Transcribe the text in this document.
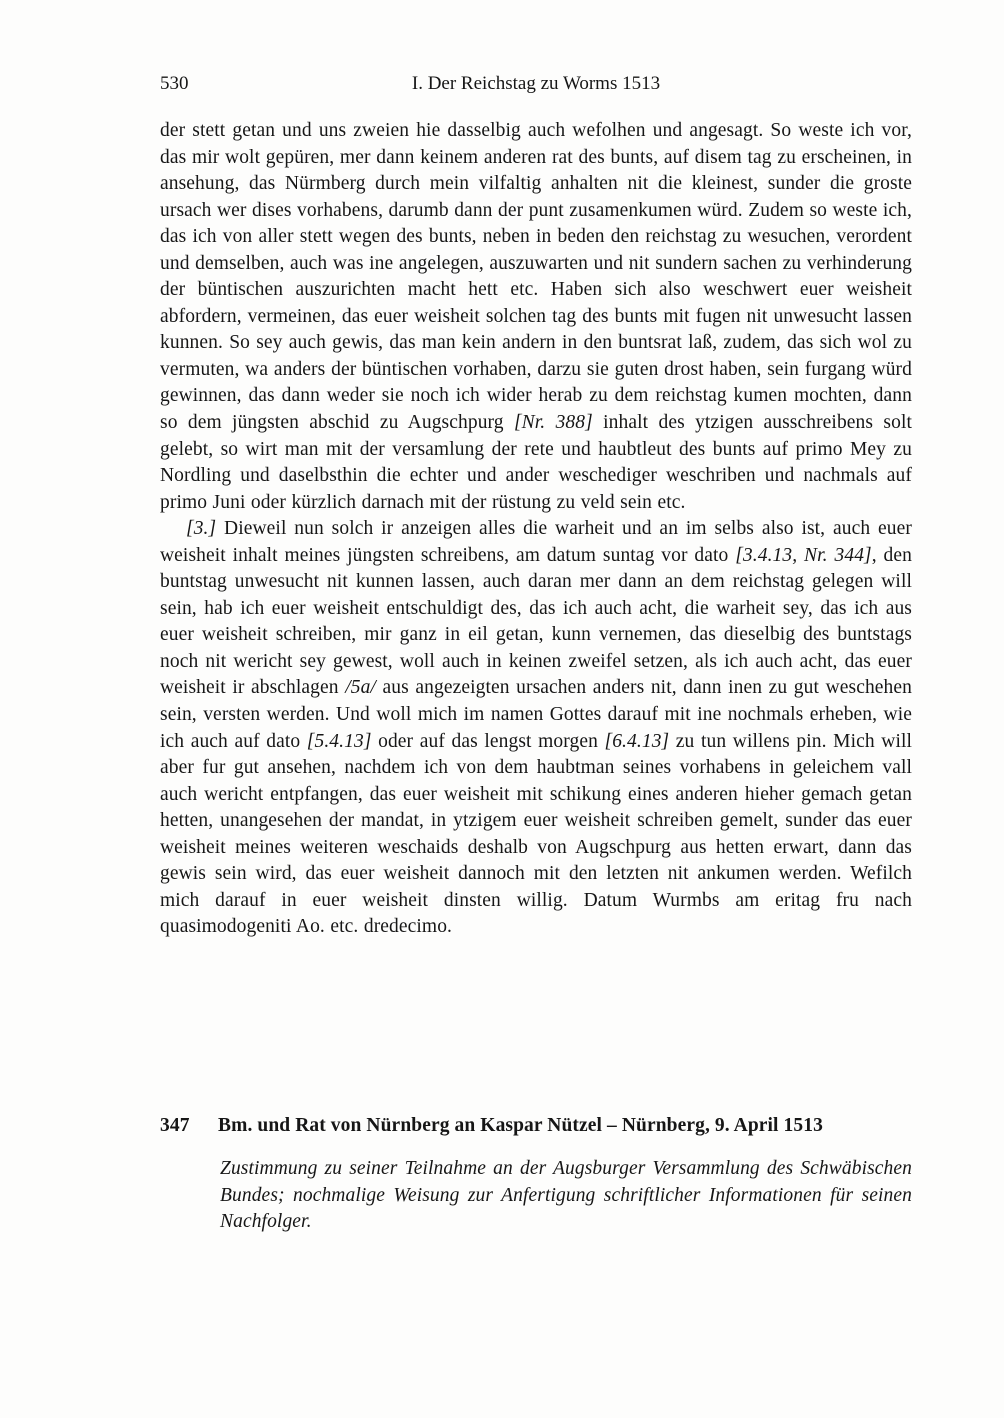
530	I. Der Reichstag zu Worms 1513

der stett getan und uns zweien hie dasselbig auch wefolhen und angesagt. So weste ich vor, das mir wolt gepüren, mer dann keinem anderen rat des bunts, auf disem tag zu erscheinen, in ansehung, das Nürmberg durch mein vilfaltig anhalten nit die kleinest, sunder die groste ursach wer dises vorhabens, darumb dann der punt zusamenkumen würd. Zudem so weste ich, das ich von aller stett wegen des bunts, neben in beden den reichstag zu wesuchen, verordent und demselben, auch was ine angelegen, auszuwarten und nit sundern sachen zu verhinderung der büntischen auszurichten macht hett etc. Haben sich also weschwert euer weisheit abfordern, vermeinen, das euer weisheit solchen tag des bunts mit fugen nit unwesucht lassen kunnen. So sey auch gewis, das man kein andern in den buntsrat laß, zudem, das sich wol zu vermuten, wa anders der büntischen vorhaben, darzu sie guten drost haben, sein furgang würd gewinnen, das dann weder sie noch ich wider herab zu dem reichstag kumen mochten, dann so dem jüngsten abschid zu Augschpurg [Nr. 388] inhalt des ytzigen ausschreibens solt gelebt, so wirt man mit der versamlung der rete und haubtleut des bunts auf primo Mey zu Nordling und daselbsthin die echter und ander weschediger weschriben und nachmals auf primo Juni oder kürzlich darnach mit der rüstung zu veld sein etc.

[3.] Dieweil nun solch ir anzeigen alles die warheit und an im selbs also ist, auch euer weisheit inhalt meines jüngsten schreibens, am datum suntag vor dato [3.4.13, Nr. 344], den buntstag unwesucht nit kunnen lassen, auch daran mer dann an dem reichstag gelegen will sein, hab ich euer weisheit entschuldigt des, das ich auch acht, die warheit sey, das ich aus euer weisheit schreiben, mir ganz in eil getan, kunn vernemen, das dieselbig des buntstags noch nit wericht sey gewest, woll auch in keinen zweifel setzen, als ich auch acht, das euer weisheit ir abschlagen /5a/ aus angezeigten ursachen anders nit, dann inen zu gut weschehen sein, versten werden. Und woll mich im namen Gottes darauf mit ine nochmals erheben, wie ich auch auf dato [5.4.13] oder auf das lengst morgen [6.4.13] zu tun willens pin. Mich will aber fur gut ansehen, nachdem ich von dem haubtman seines vorhabens in geleichem vall auch wericht entpfangen, das euer weisheit mit schikung eines anderen hieher gemach getan hetten, unangesehen der mandat, in ytzigem euer weisheit schreiben gemelt, sunder das euer weisheit meines weiteren weschaids deshalb von Augschpurg aus hetten erwart, dann das gewis sein wird, das euer weisheit dannoch mit den letzten nit ankumen werden. Wefilch mich darauf in euer weisheit dinsten willig. Datum Wurmbs am eritag fru nach quasimodogeniti Ao. etc. dredecimo.

347	Bm. und Rat von Nürnberg an Kaspar Nützel – Nürnberg, 9. April 1513

Zustimmung zu seiner Teilnahme an der Augsburger Versammlung des Schwäbischen Bundes; nochmalige Weisung zur Anfertigung schriftlicher Informationen für seinen Nachfolger.
